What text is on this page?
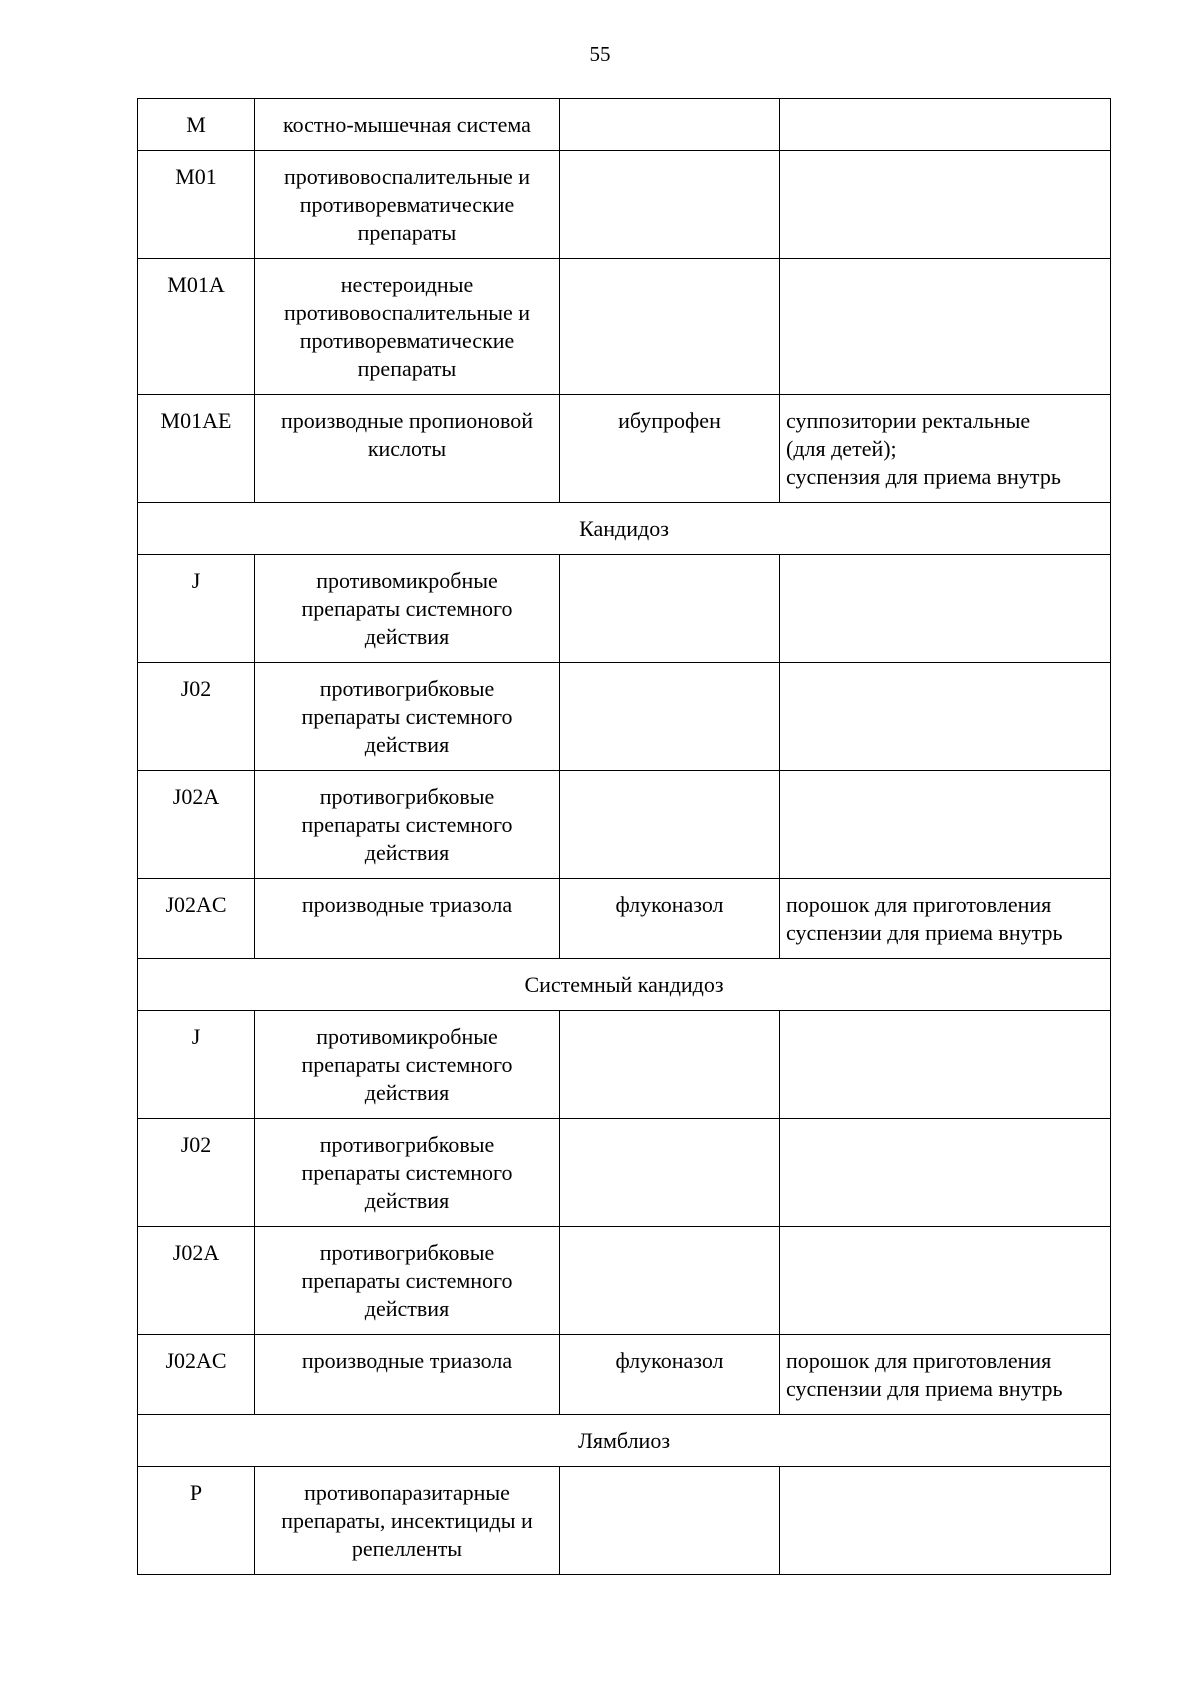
55
M	костно-мышечная система		

M01	противовоспалительные и
противоревматические
препараты		

M01A	нестероидные
противовоспалительные и
противоревматические
препараты		

M01AE	производные пропионовой
кислоты	ибупрофен	суппозитории ректальные
(для детей);
суспензия для приема внутрь

Кандидоз			
J	противомикробные
препараты системного
действия		

J02	противогрибковые
препараты системного
действия		

J02A	противогрибковые
препараты системного
действия		

J02AC	производные триазола	флуконазол	порошок для приготовления
суспензии для приема внутрь

Системный кандидоз			
J	противомикробные
препараты системного
действия		

J02	противогрибковые
препараты системного
действия		

J02A	противогрибковые
препараты системного
действия		

J02AC	производные триазола	флуконазол	порошок для приготовления
суспензии для приема внутрь

Лямблиоз			
P	противопаразитарные
препараты, инсектициды и
репелленты		
